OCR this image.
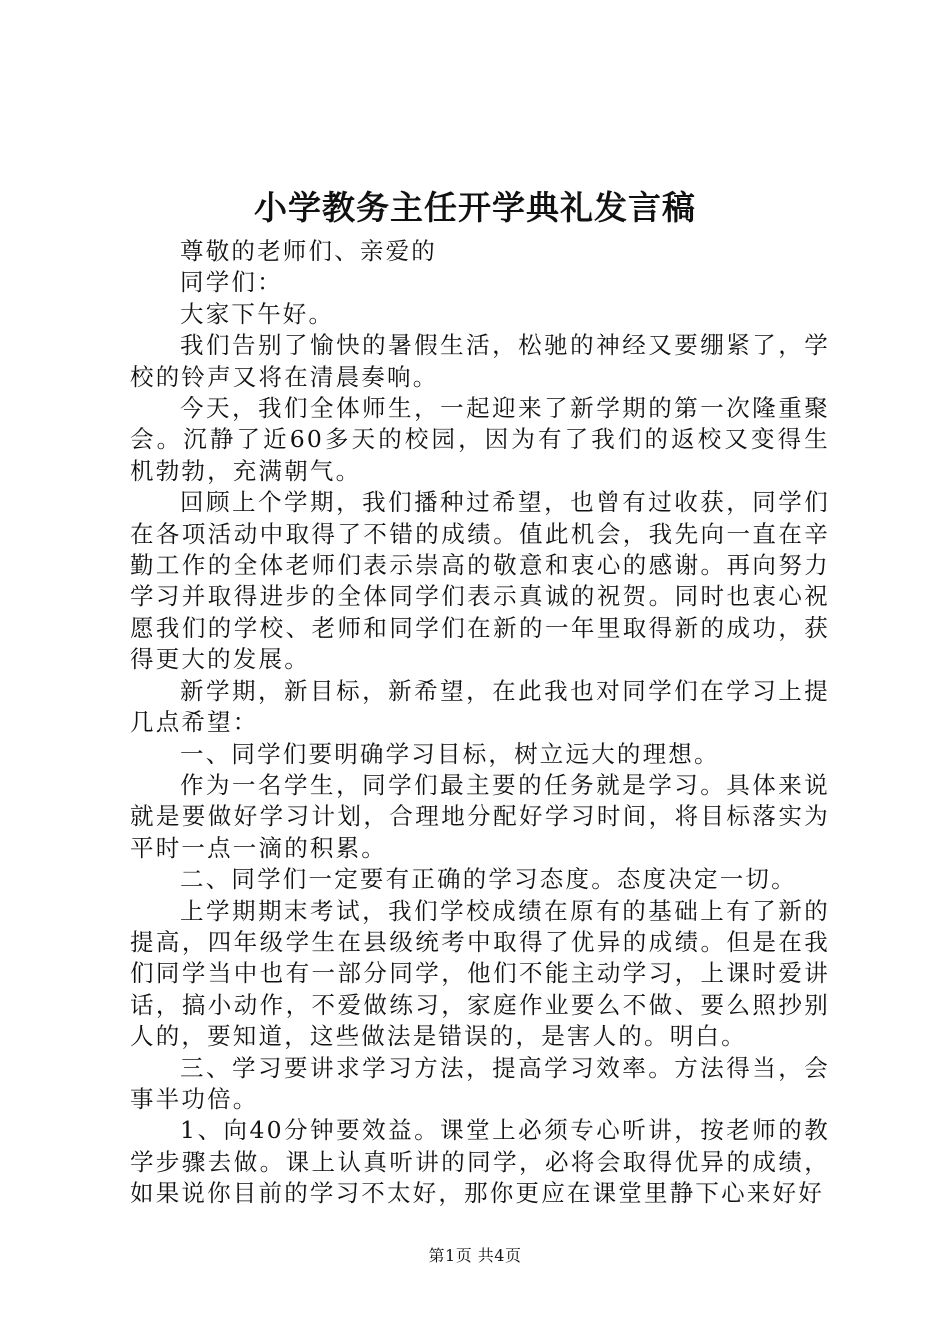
小学教务主任开学典礼发言稿

尊敬的老师们、亲爱的

同学们：

大家下午好。

我们告别了愉快的暑假生活，松驰的神经又要绷紧了，学校的铃声又将在清晨奏响。

今天，我们全体师生，一起迎来了新学期的第一次隆重聚会。沉静了近60多天的校园，因为有了我们的返校又变得生机勃勃，充满朝气。

回顾上个学期，我们播种过希望，也曾有过收获，同学们在各项活动中取得了不错的成绩。值此机会，我先向一直在辛勤工作的全体老师们表示崇高的敬意和衷心的感谢。再向努力学习并取得进步的全体同学们表示真诚的祝贺。同时也衷心祝愿我们的学校、老师和同学们在新的一年里取得新的成功，获得更大的发展。

新学期，新目标，新希望，在此我也对同学们在学习上提几点希望：

一、同学们要明确学习目标，树立远大的理想。

作为一名学生，同学们最主要的任务就是学习。具体来说就是要做好学习计划，合理地分配好学习时间，将目标落实为平时一点一滴的积累。

二、同学们一定要有正确的学习态度。态度决定一切。

上学期期末考试，我们学校成绩在原有的基础上有了新的提高，四年级学生在县级统考中取得了优异的成绩。但是在我们同学当中也有一部分同学，他们不能主动学习，上课时爱讲话，搞小动作，不爱做练习，家庭作业要么不做、要么照抄别人的，要知道，这些做法是错误的，是害人的。明白。

三、学习要讲求学习方法，提高学习效率。方法得当，会事半功倍。

1、向40分钟要效益。课堂上必须专心听讲，按老师的教学步骤去做。课上认真听讲的同学，必将会取得优异的成绩，如果说你目前的学习不太好，那你更应在课堂里静下心来好好

第1页 共4页
